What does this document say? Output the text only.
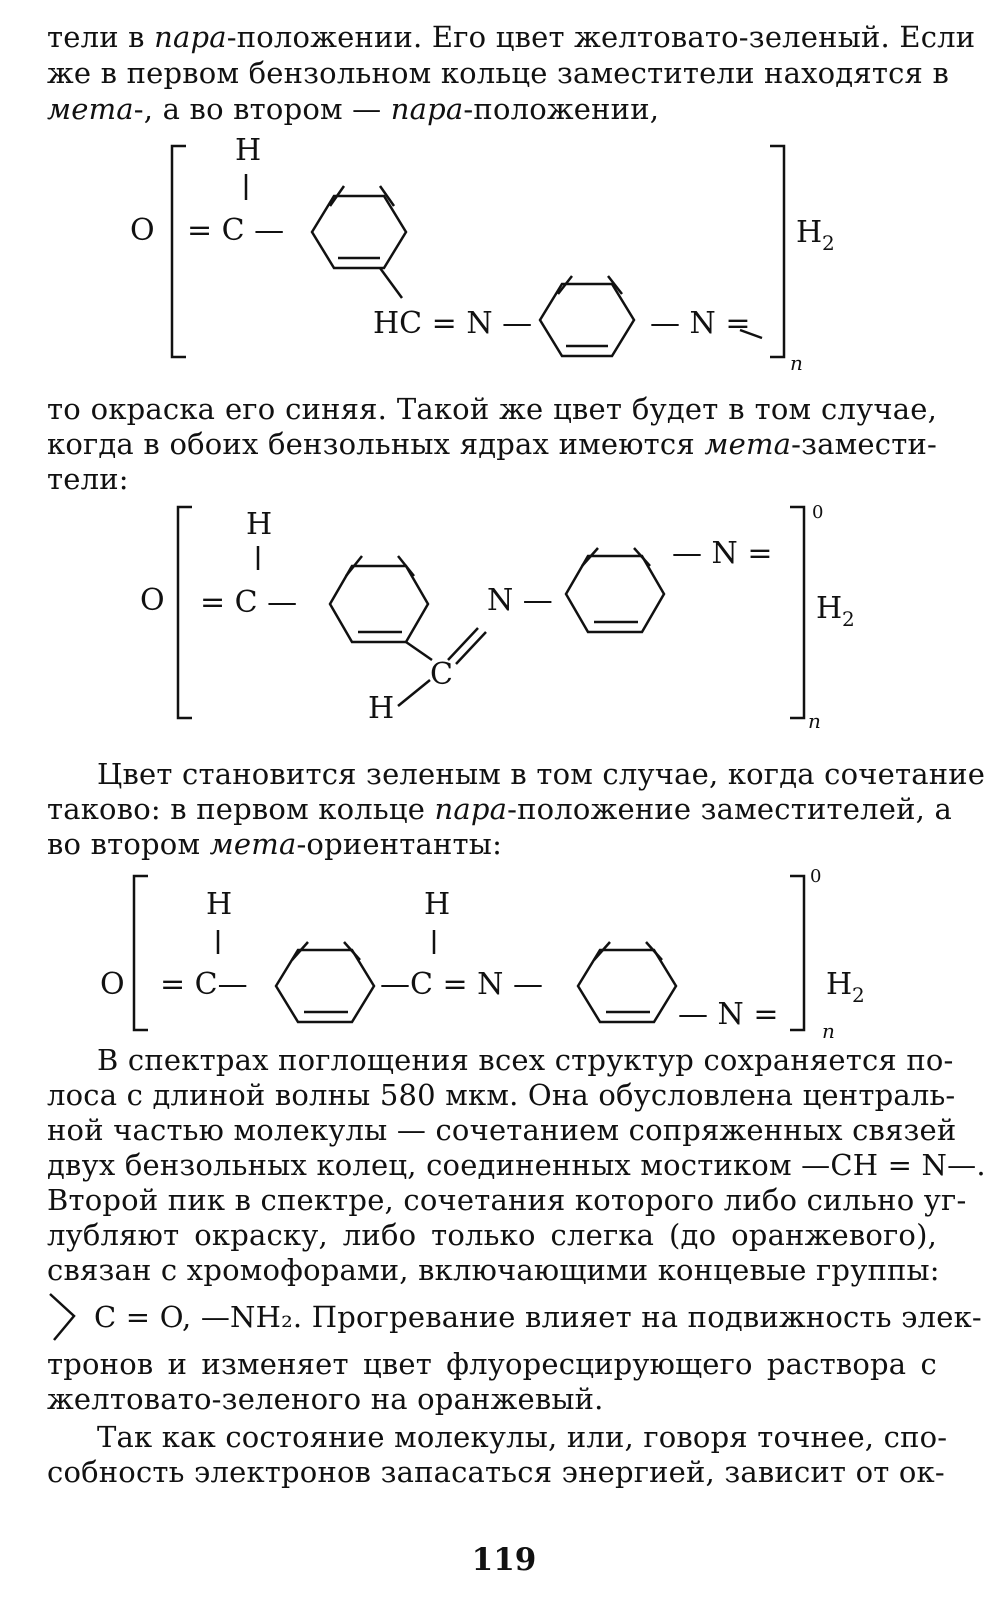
тели в пара-положении. Его цвет желтовато-зеленый. Если
же в первом бензольном кольце заместители находятся в
мета-, а во втором — пара-положении,
O
H
= C —
HC = N —	— N =
H 2
n
то окраска его синяя. Такой же цвет будет в том случае,
когда в обоих бензольных ядрах имеются мета-замести-
тели:
O
H
= C —
C
H
N —
— N =
0
H 2
n
Цвет становится зеленым в том случае, когда сочетание
таково: в первом кольце пара-положение заместителей, а
во втором мета-ориентанты:
O
H
= C—
H
—C = N —
— N =
0
H 2
n
В спектрах поглощения всех структур сохраняется по-
лоса с длиной волны 580 мкм. Она обусловлена централь-
ной частью молекулы — сочетанием сопряженных связей
двух бензольных колец, соединенных мостиком —CH = N—.
Второй пик в спектре, сочетания которого либо сильно уг-
лубляют окраску, либо только слегка (до оранжевого),
связан с хромофорами, включающими концевые группы:
C = O, —NH₂. Прогревание влияет на подвижность элек-
тронов и изменяет цвет флуоресцирующего раствора с
желтовато-зеленого на оранжевый.
Так как состояние молекулы, или, говоря точнее, спо-
собность электронов запасаться энергией, зависит от ок-
119
